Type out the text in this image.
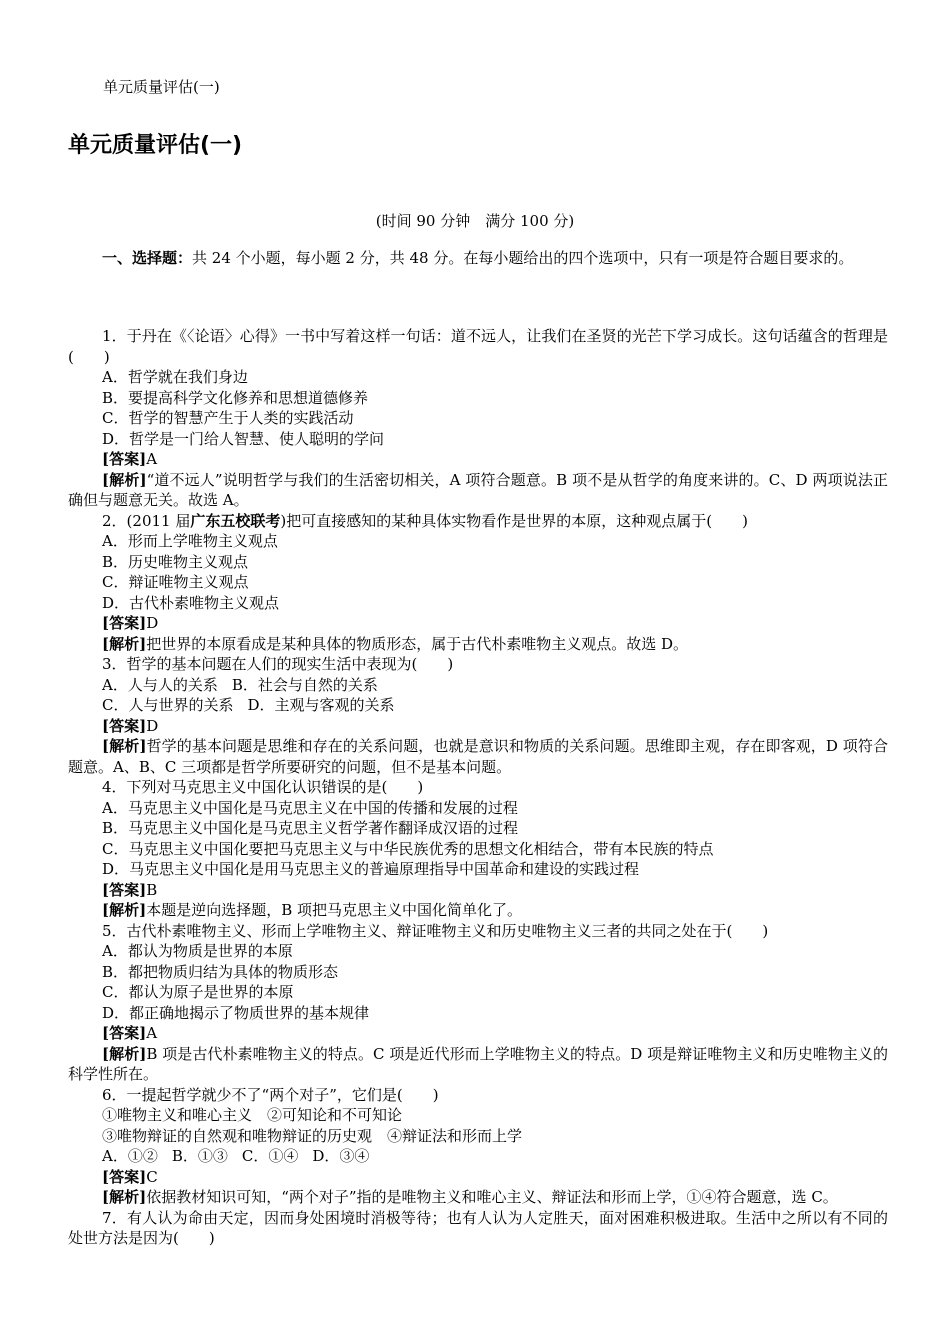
单元质量评估(一)
单元质量评估(一)
(时间 90 分钟　满分 100 分)
一、选择题：共 24 个小题，每小题 2 分，共 48 分。在每小题给出的四个选项中，只有一项是符合题目要求的。

1．于丹在《〈论语〉心得》一书中写着这样一句话：道不远人，让我们在圣贤的光芒下学习成长。这句话蕴含的哲理是(　　)

A．哲学就在我们身边

B．要提高科学文化修养和思想道德修养

C．哲学的智慧产生于人类的实践活动

D．哲学是一门给人智慧、使人聪明的学问

[答案]A

[解析]“道不远人”说明哲学与我们的生活密切相关，A 项符合题意。B 项不是从哲学的角度来讲的。C、D 两项说法正确但与题意无关。故选 A。

2．(2011 届广东五校联考)把可直接感知的某种具体实物看作是世界的本原，这种观点属于(　　)

A．形而上学唯物主义观点

B．历史唯物主义观点

C．辩证唯物主义观点

D．古代朴素唯物主义观点

[答案]D

[解析]把世界的本原看成是某种具体的物质形态，属于古代朴素唯物主义观点。故选 D。

3．哲学的基本问题在人们的现实生活中表现为(　　)

A．人与人的关系 B．社会与自然的关系

C．人与世界的关系 D．主观与客观的关系

[答案]D

[解析]哲学的基本问题是思维和存在的关系问题，也就是意识和物质的关系问题。思维即主观，存在即客观，D 项符合题意。A、B、C 三项都是哲学所要研究的问题，但不是基本问题。

4．下列对马克思主义中国化认识错误的是(　　)

A．马克思主义中国化是马克思主义在中国的传播和发展的过程

B．马克思主义中国化是马克思主义哲学著作翻译成汉语的过程

C．马克思主义中国化要把马克思主义与中华民族优秀的思想文化相结合，带有本民族的特点

D．马克思主义中国化是用马克思主义的普遍原理指导中国革命和建设的实践过程

[答案]B

[解析]本题是逆向选择题，B 项把马克思主义中国化简单化了。

5．古代朴素唯物主义、形而上学唯物主义、辩证唯物主义和历史唯物主义三者的共同之处在于(　　)

A．都认为物质是世界的本原

B．都把物质归结为具体的物质形态

C．都认为原子是世界的本原

D．都正确地揭示了物质世界的基本规律

[答案]A

[解析]B 项是古代朴素唯物主义的特点。C 项是近代形而上学唯物主义的特点。D 项是辩证唯物主义和历史唯物主义的科学性所在。

6．一提起哲学就少不了“两个对子”，它们是(　　)

①唯物主义和唯心主义　②可知论和不可知论

③唯物辩证的自然观和唯物辩证的历史观　④辩证法和形而上学

A．①② B．①③ C．①④ D．③④

[答案]C

[解析]依据教材知识可知，“两个对子”指的是唯物主义和唯心主义、辩证法和形而上学，①④符合题意，选 C。

7．有人认为命由天定，因而身处困境时消极等待；也有人认为人定胜天，面对困难积极进取。生活中之所以有不同的处世方法是因为(　　)
